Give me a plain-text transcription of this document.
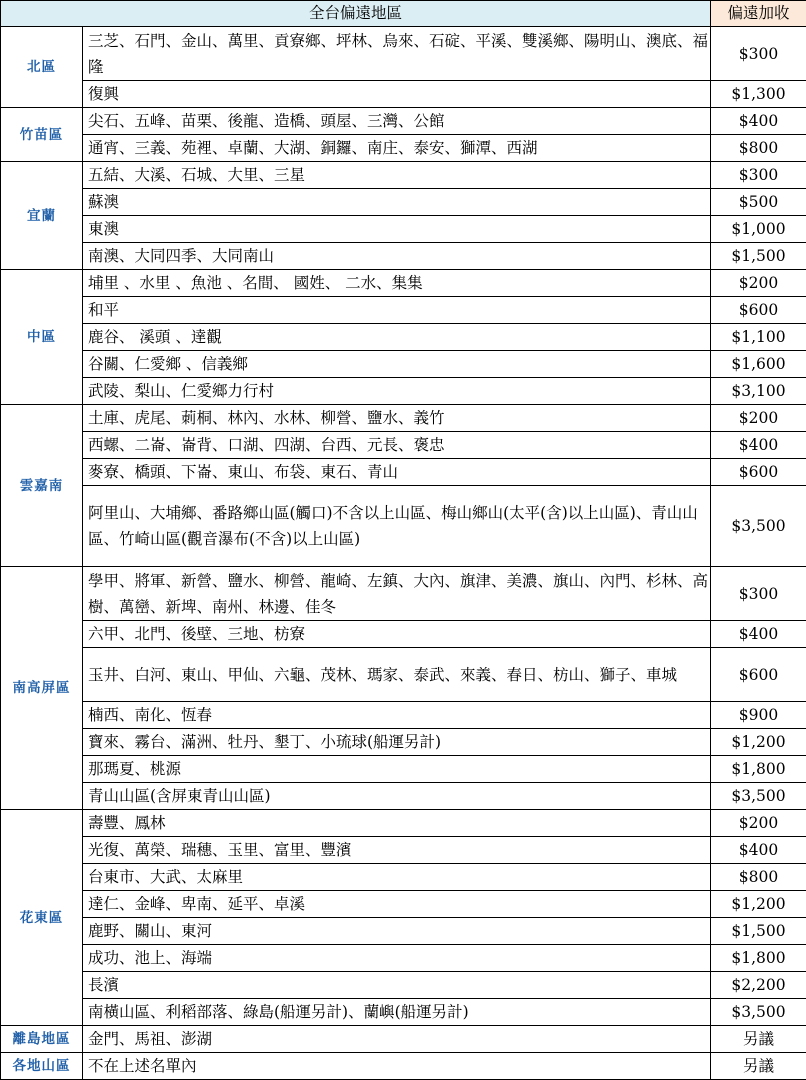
全台偏遠地區		偏遠加收
北區	三芝、石門、金山、萬里、貢寮鄉、坪林、烏來、石碇、平溪、雙溪鄉、陽明山、澳底、福隆	$300
	復興	$1,300
竹苗區	尖石、五峰、苗栗、後龍、造橋、頭屋、三灣、公館	$400
	通宵、三義、苑裡、卓蘭、大湖、銅鑼、南庄、泰安、獅潭、西湖	$800
宜蘭	五結、大溪、石城、大里、三星	$300
	蘇澳	$500
	東澳	$1,000
	南澳、大同四季、大同南山	$1,500
中區	埔里 、水里 、魚池 、名間、 國姓、 二水、集集	$200
	和平	$600
	鹿谷、 溪頭 、達觀	$1,100
	谷關、仁愛鄉 、信義鄉	$1,600
	武陵、梨山、仁愛鄉力行村	$3,100
雲嘉南	土庫、虎尾、莿桐、林內、水林、柳營、鹽水、義竹	$200
	西螺、二崙、崙背、口湖、四湖、台西、元長、褒忠	$400
	麥寮、橋頭、下崙、東山、布袋、東石、青山	$600
	阿里山、大埔鄉、番路鄉山區(觸口)不含以上山區、梅山鄉山(太平(含)以上山區)、青山山區、竹崎山區(觀音瀑布(不含)以上山區)	$3,500
南高屏區	學甲、將軍、新營、鹽水、柳營、龍崎、左鎮、大內、旗津、美濃、旗山、內門、杉林、高樹、萬巒、新埤、南州、林邊、佳冬	$300
	六甲、北門、後壁、三地、枋寮	$400
	玉井、白河、東山、甲仙、六龜、茂林、瑪家、泰武、來義、春日、枋山、獅子、車城	$600
	楠西、南化、恆春	$900
	寶來、霧台、滿洲、牡丹、墾丁、小琉球(船運另計)	$1,200
	那瑪夏、桃源	$1,800
	青山山區(含屏東青山山區)	$3,500
花東區	壽豐、鳳林	$200
	光復、萬榮、瑞穗、玉里、富里、豐濱	$400
	台東市、大武、太麻里	$800
	達仁、金峰、卑南、延平、卓溪	$1,200
	鹿野、關山、東河	$1,500
	成功、池上、海端	$1,800
	長濱	$2,200
	南橫山區、利稻部落、綠島(船運另計)、蘭嶼(船運另計)	$3,500
離島地區	金門、馬祖、澎湖	另議
各地山區	不在上述名單內	另議
